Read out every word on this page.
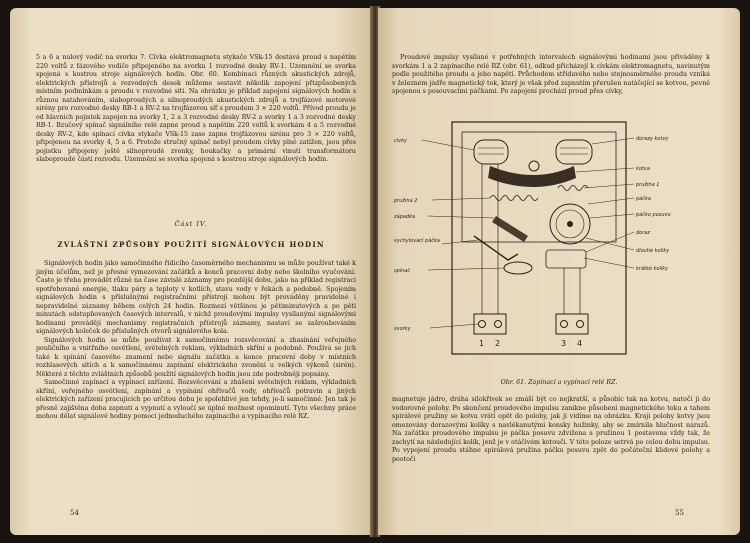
5 a 6 a nulový vodič na svorku 7. Cívka elektromagnetu stykače VSk-15 dostává proud s napětím 220 voltů z fázového vodiče připojeného na svorku 1 rozvodné desky RV-1. Uzemnění se svorka spojená s kostrou stroje signálových hodin. Obr. 60. Kombinaci různých akustických zdrojů, elektrických přístrojů a rozvodných desek můžeme sestavit několik zapojení přizpůsobených místním podmínkám a proudu v rozvodné síti. Na obrázku je příklad zapojení signálových hodin s různou natahováním, slaboproudých a silnoproudých akustických zdrojů a trojfázové motorové sirény pro rozvodné desky RB-1 a RV-2 na trojfázovou síť s proudem 3 × 220 voltů. Přívod proudu je od hlavních pojistek zapojen na svorky 1, 2 a 3 rozvodné desky RV-2 a svorky 1 a 3 rozvodné desky RB-1. Bzučový spínač signálního relé zapne proud s napětím 220 voltů k svorkám 4 a 5 rozvodné desky RV-2, kde spínací cívka stykače VSk-15 zase zapne trojfázovou sirénu pro 3 × 220 voltů, připojenou na svorky 4, 5 a 6. Protože stručný spínač nebyl proudem cívky plně zatížen, jsou přes pojistku připojeny ještě silnoproudé zvonky, houkačky a primární vinutí transformátoru slaboproudé části rozvodu. Uzemnění se svorka spojená s kostrou stroje signálových hodin.

Část IV.
ZVLÁŠTNÍ ZPŮSOBY POUŽITÍ SIGNÁLOVÝCH HODIN

Signálových hodin jako samočinného řídicího časoměrného mechanismu se může používat také k jiným účelům, než je přesné vymezování začátků a konců pracovní doby nebo školního vyučování. Často je třeba provádět různé na čase závislé záznamy pro pozdější dobu, jako na příklad registraci spotřebované energie, tlaku páry a teploty v kotlích, stavu vody v řekách a podobně. Spojením signálových hodin s příslušnými registračními přístroji mohou být prováděny pravidelné i nepravidelné záznamy během celých 24 hodin. Rozmezí většinou je pětiminutových a po pěti minutách odstupňovaných časových intervalů, v nichž proudovými impulsy vysílanými signálovými hodinami provádějí mechanismy registračních přístrojů záznamy, nastaví se zašroubováním signálových koleček do příslušných otvorů signálového kola.

Signálových hodin se může používat k samočinnému rozsvěcování a zhasínání veřejného pouličního a vnitřního osvětlení, světelných reklam, výkladních skříní a podobně. Používá se jich také k spínání časového znamení nebo signálu začátku a konce pracovní doby v místních rozhlasových sítích a k samočinnému zapínání elektrického zvonění u velkých výkonů (sirén). Některé z těchto zvláštních způsobů použití signálových hodin jsou zde podrobněji popsány.

Samočinné zapínací a vypínací zařízení. Rozsvěcování a zhášení světelných reklam, výkladních skříní, veřejného osvětlení, zapínání a vypínání ohřívačů vody, ohřívačů potravin a jiných elektrických zařízení pracujících po určitou dobu je spolehlivé jen tehdy, je-li samočinné. Jen tak je přesně zajištěna doba zapnutí a vypnutí a vyloučí se úplné možnost opominutí. Tyto všechny práce mohou dělat signálové hodiny pomocí jednoduchého zapínacího a vypínacího relé RZ.

54

Proudové impulsy vysílané v potřebných intervalech signálovými hodinami jsou přiváděny k svorkám 1 a 2 zapínacího relé RZ (obr. 61), odkud přicházejí k cívkám elektromagnetu, navinutým podle použitého proudu a jeho napětí. Průchodem střídavého nebo stejnosměrného proudu vzniká v železném jádře magnetický tok, který je však před zapnutím přerušen natáčející se kotvou, pevně spojenou s posouvacími páčkami. Po zapojení prochází proud přes cívky,

1 2	3 4
cívky
pružina 2
západka
vychylovací páčka
spínač
svorky
dorazy kotvy
kotva
pružina 1
páčka
páčko posuvu
doraz
dlouhé kolíky
krátké kolíky
Obr. 61. Zapínací a vypínací relé RZ.

magnetuje jádro, dráha silokřivek se zmáší být co nejkratší, a působíc tak na kotvu, natočí ji do vodorovné polohy. Po skončení proudového impulsu zanikne působení magnetického toku a tahem spirálové pružiny se kotva vrátí opět do polohy, jak ji vidíme na obrázku. Kraji polohy kotvy jsou omezovány dorazovými kolíky s navlékanutými konsky hužinky, aby se zmírnila hlučnost nárazů. Na začátku proudového impulsu je páčka posuvu zdvižena a pružinou 1 postavena vždy tak, že zachytí na následující kolík, jenž je v otáčivém kotouči. V této poloze setrvá po celou dobu impulsu. Po vypojení proudu stáhne spirálová pružina páčku posuvu zpět do počáteční klidové polohy a pootočí

55
